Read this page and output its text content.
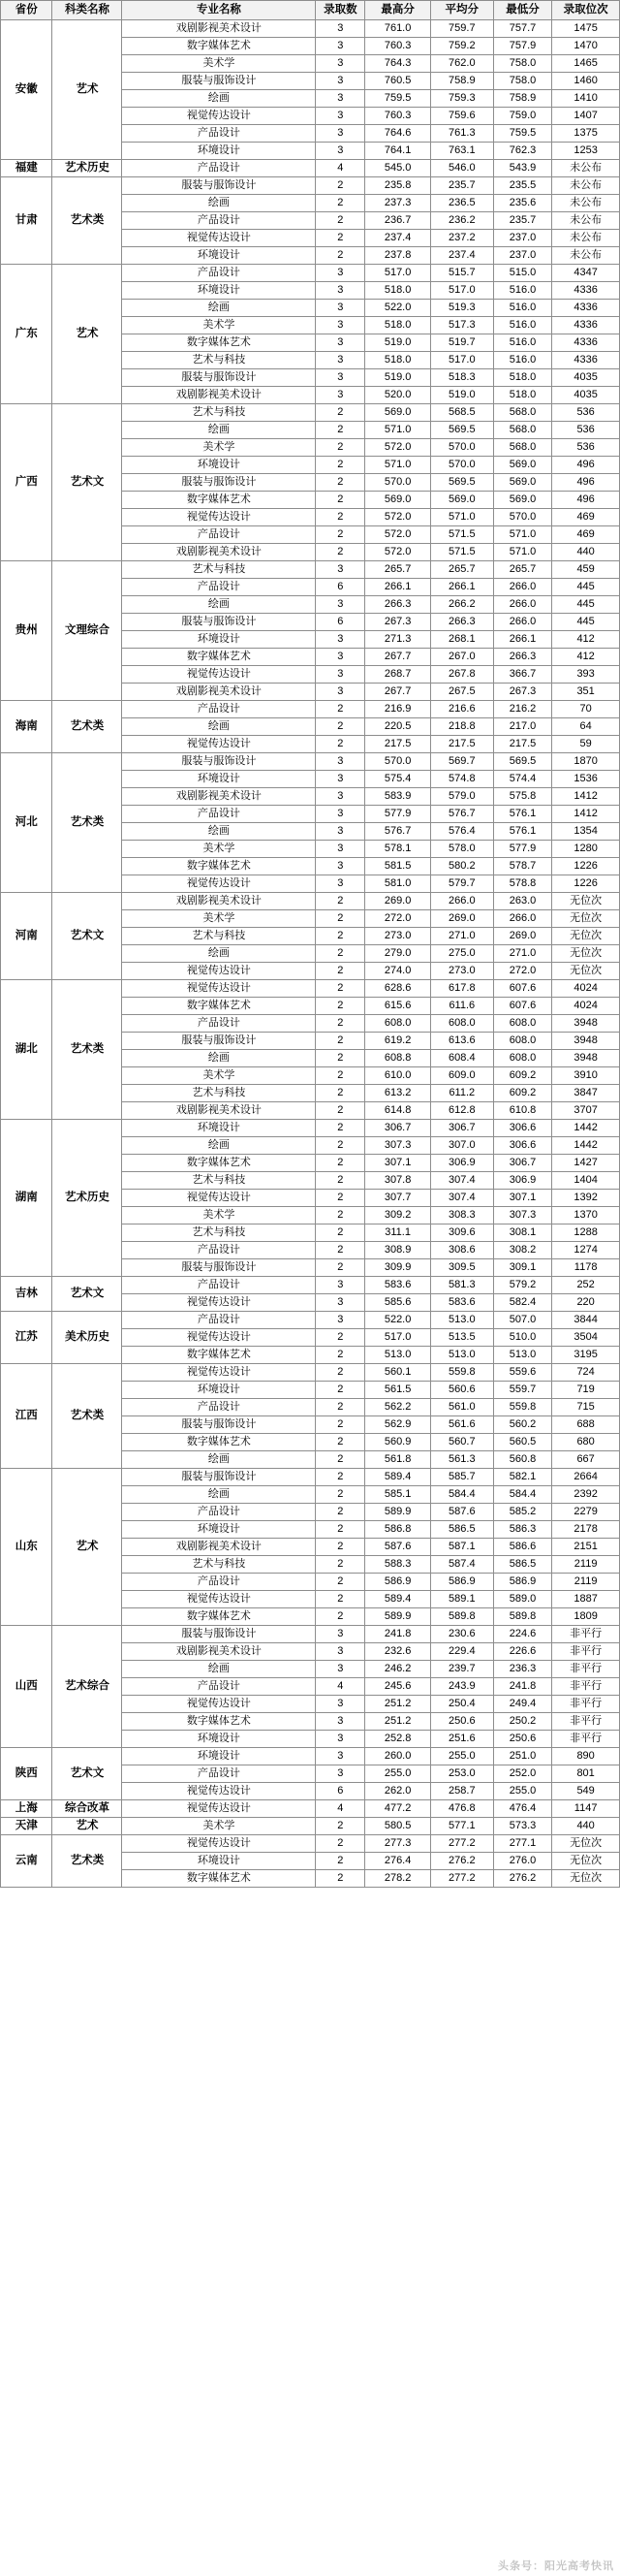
省份	科类名称	专业名称	录取数	最高分	平均分	最低分	录取位次
安徽	艺术	戏剧影视美术设计	3	761.0	759.7	757.7	1475
		数字媒体艺术	3	760.3	759.2	757.9	1470
		美术学	3	764.3	762.0	758.0	1465
		服装与服饰设计	3	760.5	758.9	758.0	1460
		绘画	3	759.5	759.3	758.9	1410
		视觉传达设计	3	760.3	759.6	759.0	1407
		产品设计	3	764.6	761.3	759.5	1375
		环境设计	3	764.1	763.1	762.3	1253
福建	艺术历史	产品设计	4	545.0	546.0	543.9	未公布
甘肃	艺术类	服装与服饰设计	2	235.8	235.7	235.5	未公布
		绘画	2	237.3	236.5	235.6	未公布
		产品设计	2	236.7	236.2	235.7	未公布
		视觉传达设计	2	237.4	237.2	237.0	未公布
		环境设计	2	237.8	237.4	237.0	未公布
广东	艺术	产品设计	3	517.0	515.7	515.0	4347
		环境设计	3	518.0	517.0	516.0	4336
		绘画	3	522.0	519.3	516.0	4336
		美术学	3	518.0	517.3	516.0	4336
		数字媒体艺术	3	519.0	519.7	516.0	4336
		艺术与科技	3	518.0	517.0	516.0	4336
		服装与服饰设计	3	519.0	518.3	518.0	4035
		戏剧影视美术设计	3	520.0	519.0	518.0	4035
广西	艺术文	艺术与科技	2	569.0	568.5	568.0	536
		绘画	2	571.0	569.5	568.0	536
		美术学	2	572.0	570.0	568.0	536
		环境设计	2	571.0	570.0	569.0	496
		服装与服饰设计	2	570.0	569.5	569.0	496
		数字媒体艺术	2	569.0	569.0	569.0	496
		视觉传达设计	2	572.0	571.0	570.0	469
		产品设计	2	572.0	571.5	571.0	469
		戏剧影视美术设计	2	572.0	571.5	571.0	440
贵州	文理综合	艺术与科技	3	265.7	265.7	265.7	459
		产品设计	6	266.1	266.1	266.0	445
		绘画	3	266.3	266.2	266.0	445
		服装与服饰设计	6	267.3	266.3	266.0	445
		环境设计	3	271.3	268.1	266.1	412
		数字媒体艺术	3	267.7	267.0	266.3	412
		视觉传达设计	3	268.7	267.8	366.7	393
		戏剧影视美术设计	3	267.7	267.5	267.3	351
海南	艺术类	产品设计	2	216.9	216.6	216.2	70
		绘画	2	220.5	218.8	217.0	64
		视觉传达设计	2	217.5	217.5	217.5	59
河北	艺术类	服装与服饰设计	3	570.0	569.7	569.5	1870
		环境设计	3	575.4	574.8	574.4	1536
		戏剧影视美术设计	3	583.9	579.0	575.8	1412
		产品设计	3	577.9	576.7	576.1	1412
		绘画	3	576.7	576.4	576.1	1354
		美术学	3	578.1	578.0	577.9	1280
		数字媒体艺术	3	581.5	580.2	578.7	1226
		视觉传达设计	3	581.0	579.7	578.8	1226
河南	艺术文	戏剧影视美术设计	2	269.0	266.0	263.0	无位次
		美术学	2	272.0	269.0	266.0	无位次
		艺术与科技	2	273.0	271.0	269.0	无位次
		绘画	2	279.0	275.0	271.0	无位次
		视觉传达设计	2	274.0	273.0	272.0	无位次
湖北	艺术类	视觉传达设计	2	628.6	617.8	607.6	4024
		数字媒体艺术	2	615.6	611.6	607.6	4024
		产品设计	2	608.0	608.0	608.0	3948
		服装与服饰设计	2	619.2	613.6	608.0	3948
		绘画	2	608.8	608.4	608.0	3948
		美术学	2	610.0	609.0	609.2	3910
		艺术与科技	2	613.2	611.2	609.2	3847
		戏剧影视美术设计	2	614.8	612.8	610.8	3707
湖南	艺术历史	环境设计	2	306.7	306.7	306.6	1442
		绘画	2	307.3	307.0	306.6	1442
		数字媒体艺术	2	307.1	306.9	306.7	1427
		艺术与科技	2	307.8	307.4	306.9	1404
		视觉传达设计	2	307.7	307.4	307.1	1392
		美术学	2	309.2	308.3	307.3	1370
		艺术与科技	2	311.1	309.6	308.1	1288
		产品设计	2	308.9	308.6	308.2	1274
		服装与服饰设计	2	309.9	309.5	309.1	1178
吉林	艺术文	产品设计	3	583.6	581.3	579.2	252
		视觉传达设计	3	585.6	583.6	582.4	220
江苏	美术历史	产品设计	3	522.0	513.0	507.0	3844
		视觉传达设计	2	517.0	513.5	510.0	3504
		数字媒体艺术	2	513.0	513.0	513.0	3195
江西	艺术类	视觉传达设计	2	560.1	559.8	559.6	724
		环境设计	2	561.5	560.6	559.7	719
		产品设计	2	562.2	561.0	559.8	715
		服装与服饰设计	2	562.9	561.6	560.2	688
		数字媒体艺术	2	560.9	560.7	560.5	680
		绘画	2	561.8	561.3	560.8	667
山东	艺术	服装与服饰设计	2	589.4	585.7	582.1	2664
		绘画	2	585.1	584.4	584.4	2392
		产品设计	2	589.9	587.6	585.2	2279
		环境设计	2	586.8	586.5	586.3	2178
		戏剧影视美术设计	2	587.6	587.1	586.6	2151
		艺术与科技	2	588.3	587.4	586.5	2119
		产品设计	2	586.9	586.9	586.9	2119
		视觉传达设计	2	589.4	589.1	589.0	1887
		数字媒体艺术	2	589.9	589.8	589.8	1809
山西	艺术综合	服装与服饰设计	3	241.8	230.6	224.6	非平行
		戏剧影视美术设计	3	232.6	229.4	226.6	非平行
		绘画	3	246.2	239.7	236.3	非平行
		产品设计	4	245.6	243.9	241.8	非平行
		视觉传达设计	3	251.2	250.4	249.4	非平行
		数字媒体艺术	3	251.2	250.6	250.2	非平行
		环境设计	3	252.8	251.6	250.6	非平行
陕西	艺术文	环境设计	3	260.0	255.0	251.0	890
		产品设计	3	255.0	253.0	252.0	801
		视觉传达设计	6	262.0	258.7	255.0	549
上海	综合改革	视觉传达设计	4	477.2	476.8	476.4	1147
天津	艺术	美术学	2	580.5	577.1	573.3	440
云南	艺术类	视觉传达设计	2	277.3	277.2	277.1	无位次
		环境设计	2	276.4	276.2	276.0	无位次
		数字媒体艺术	2	278.2	277.2	276.2	无位次
头条号：阳光高考快讯
